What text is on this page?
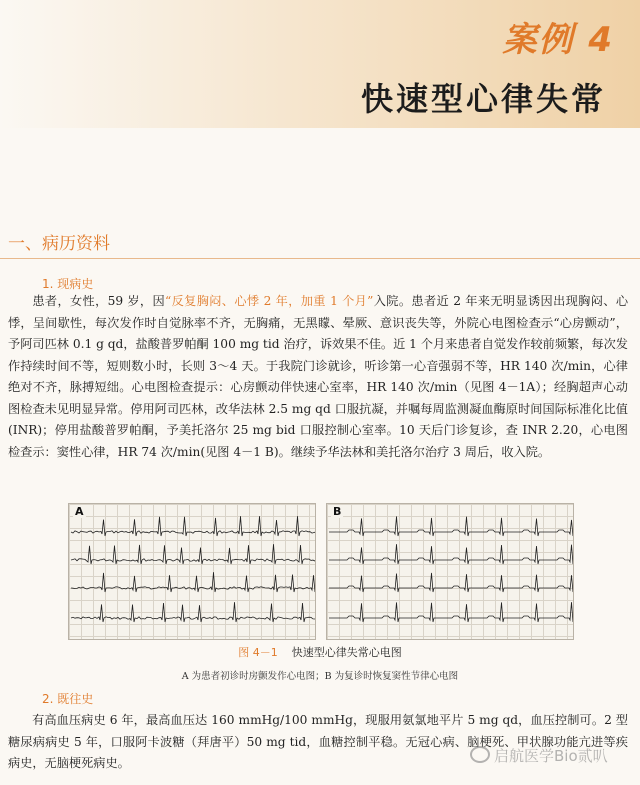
案例 4
快速型心律失常
一、病历资料
1. 现病史
患者，女性，59 岁，因“反复胸闷、心悸 2 年，加重 1 个月”入院。患者近 2 年来无明显诱因出现胸闷、心悸，呈间歇性，每次发作时自觉脉率不齐，无胸痛，无黑矇、晕厥、意识丧失等，外院心电图检查示“心房颤动”，予阿司匹林 0.1 g qd，盐酸普罗帕酮 100 mg tid 治疗，诉效果不佳。近 1 个月来患者自觉发作较前频繁，每次发作持续时间不等，短则数小时，长则 3～4 天。于我院门诊就诊，听诊第一心音强弱不等，HR 140 次/min，心律绝对不齐，脉搏短绌。心电图检查提示：心房颤动伴快速心室率，HR 140 次/min（见图 4－1A）；经胸超声心动图检查未见明显异常。停用阿司匹林，改华法林 2.5 mg qd 口服抗凝，并嘱每周监测凝血酶原时间国际标准化比值(INR)；停用盐酸普罗帕酮，予美托洛尔 25 mg bid 口服控制心室率。10 天后门诊复诊，查 INR 2.20，心电图检查示：窦性心律，HR 74 次/min(见图 4－1 B)。继续予华法林和美托洛尔治疗 3 周后，收入院。
A	B
图 4－1 快速型心律失常心电图
A 为患者初诊时房颤发作心电图；B 为复诊时恢复窦性节律心电图
2. 既往史
有高血压病史 6 年，最高血压达 160 mmHg/100 mmHg，现服用氨氯地平片 5 mg qd，血压控制可。2 型糖尿病病史 5 年，口服阿卡波糖（拜唐平）50 mg tid，血糖控制平稳。无冠心病、脑梗死、甲状腺功能亢进等疾病史，无脑梗死病史。	启航医学Bio贰叭
